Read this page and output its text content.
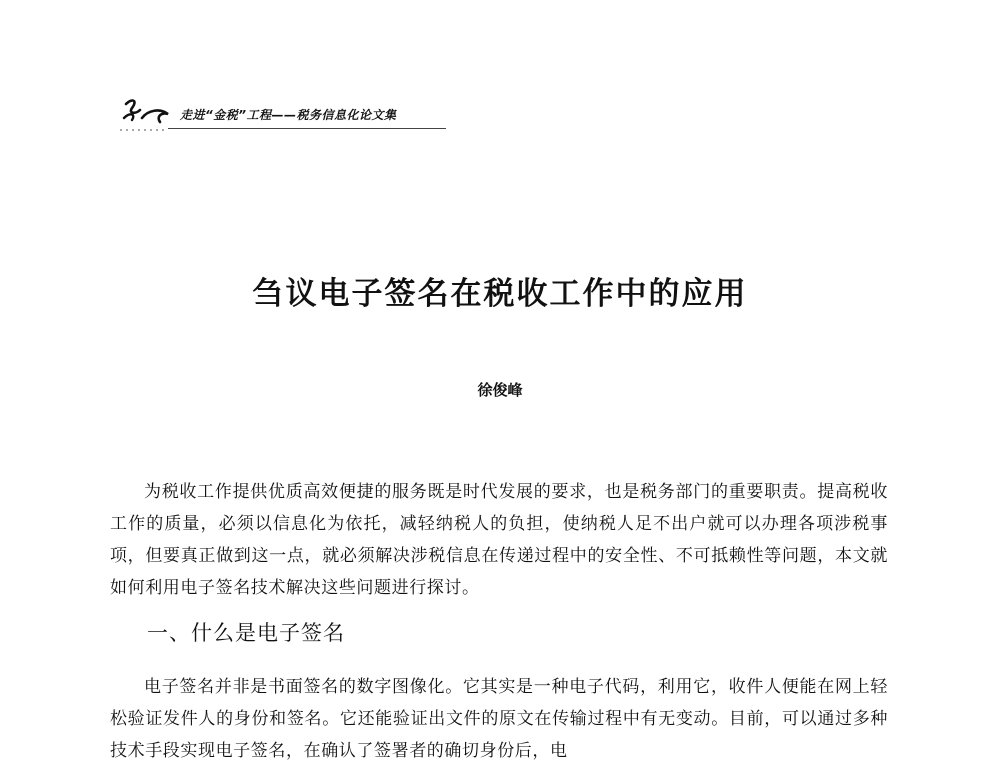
走进“金税”工程——税务信息化论文集
刍议电子签名在税收工作中的应用
徐俊峰

为税收工作提供优质高效便捷的服务既是时代发展的要求，也是税务部门的重要职责。提高税收工作的质量，必须以信息化为依托，减轻纳税人的负担，使纳税人足不出户就可以办理各项涉税事项，但要真正做到这一点，就必须解决涉税信息在传递过程中的安全性、不可抵赖性等问题，本文就如何利用电子签名技术解决这些问题进行探讨。

一、什么是电子签名

电子签名并非是书面签名的数字图像化。它其实是一种电子代码，利用它，收件人便能在网上轻松验证发件人的身份和签名。它还能验证出文件的原文在传输过程中有无变动。目前，可以通过多种技术手段实现电子签名，在确认了签署者的确切身份后，电
